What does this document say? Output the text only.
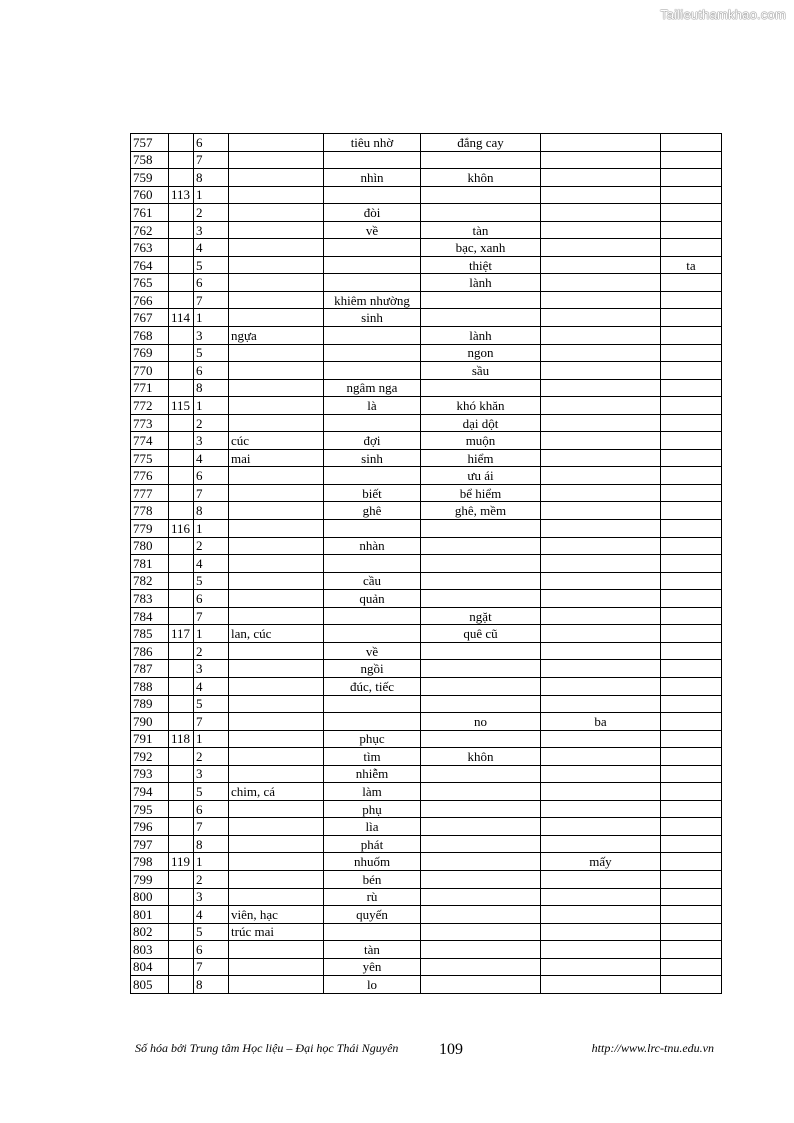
Tailieuthamkhao.com
757		6		tiêu nhờ	đắng cay		
758		7					
759		8		nhìn	khôn		
760	113	1					
761		2		đòi			
762		3		về	tàn		
763		4			bạc, xanh		
764		5			thiệt		ta
765		6			lành		
766		7		khiêm nhường			
767	114	1		sinh			
768		3	ngựa		lành		
769		5			ngon		
770		6			sầu		
771		8		ngâm nga			
772	115	1		là	khó khăn		
773		2			dại dột		
774		3	cúc	đợi	muộn		
775		4	mai	sinh	hiểm		
776		6			ưu ái		
777		7		biết	bể hiểm		
778		8		ghê	ghê, mềm		
779	116	1					
780		2		nhàn			
781		4					
782		5		cầu			
783		6		quản			
784		7			ngặt		
785	117	1	lan, cúc		quê cũ		
786		2		về			
787		3		ngồi			
788		4		đúc, tiếc			
789		5					
790		7			no	ba	
791	118	1		phục			
792		2		tìm	khôn		
793		3		nhiễm			
794		5	chim, cá	làm			
795		6		phụ			
796		7		lìa			
797		8		phát			
798	119	1		nhuốm		mấy	
799		2		bén			
800		3		rù			
801		4	viên, hạc	quyến			
802		5	trúc mai				
803		6		tàn			
804		7		yên			
805		8		lo			
Số hóa bởi Trung tâm Học liệu – Đại học Thái Nguyên	109	http://www.lrc-tnu.edu.vn
